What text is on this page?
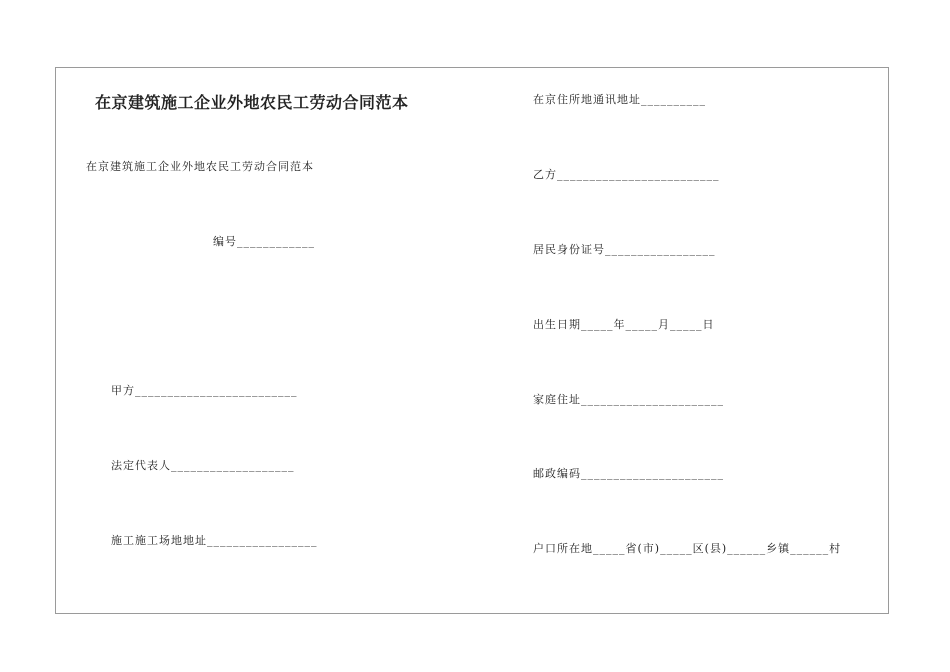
在京建筑施工企业外地农民工劳动合同范本
在京建筑施工企业外地农民工劳动合同范本
编号____________
甲方_________________________
法定代表人___________________
施工施工场地地址_________________
在京住所地通讯地址__________
乙方_________________________
居民身份证号_________________
出生日期_____年_____月_____日
家庭住址______________________
邮政编码______________________
户口所在地_____省(市)_____区(县)______乡镇______村
